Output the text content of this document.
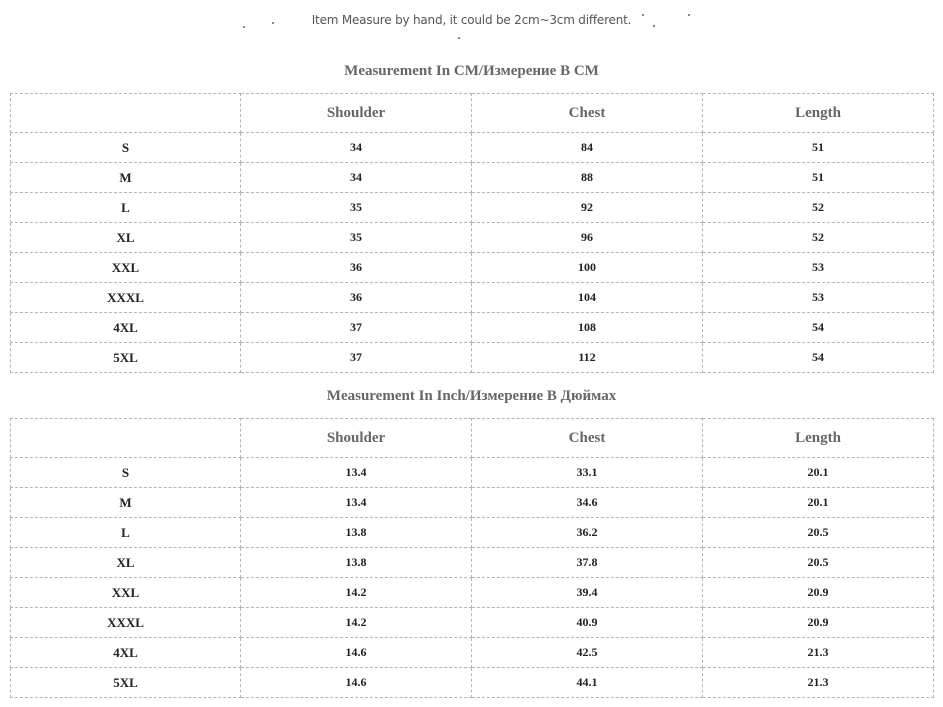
Item Measure by hand, it could be 2cm~3cm different.
Measurement In CM/Измерение В СМ
	Shoulder	Chest	Length
S	34	84	51
M	34	88	51
L	35	92	52
XL	35	96	52
XXL	36	100	53
XXXL	36	104	53
4XL	37	108	54
5XL	37	112	54
Measurement In Inch/Измерение В Дюймах
	Shoulder	Chest	Length
S	13.4	33.1	20.1
M	13.4	34.6	20.1
L	13.8	36.2	20.5
XL	13.8	37.8	20.5
XXL	14.2	39.4	20.9
XXXL	14.2	40.9	20.9
4XL	14.6	42.5	21.3
5XL	14.6	44.1	21.3
